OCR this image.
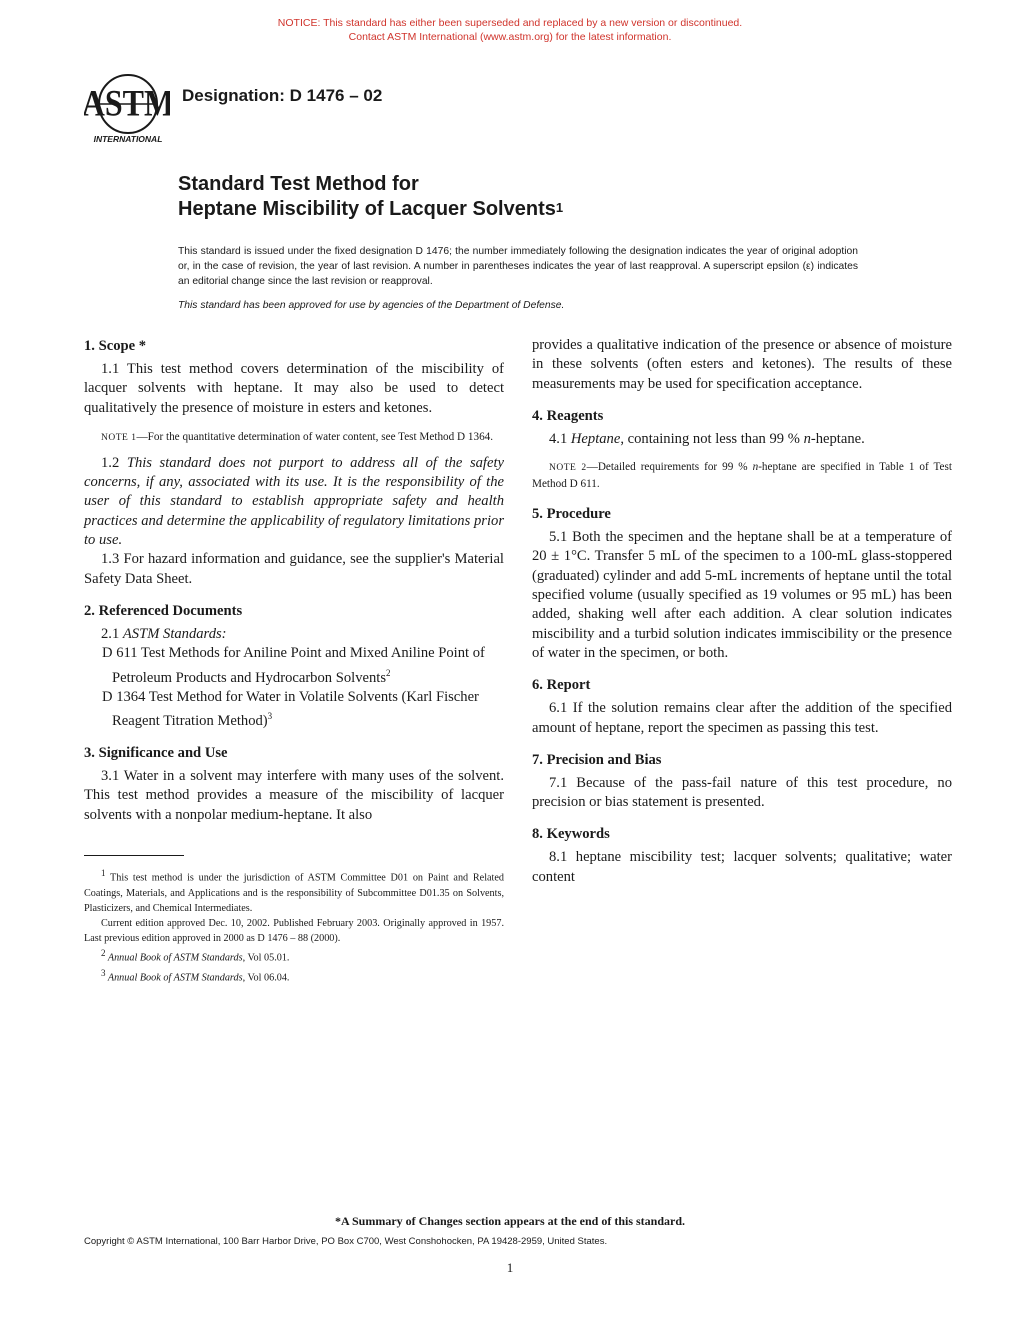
NOTICE: This standard has either been superseded and replaced by a new version or discontinued.
Contact ASTM International (www.astm.org) for the latest information.
ASTM
INTERNATIONAL
Designation: D 1476 – 02
Standard Test Method for
Heptane Miscibility of Lacquer Solvents$^1$
This standard is issued under the fixed designation D 1476; the number immediately following the designation indicates the year of original adoption or, in the case of revision, the year of last revision. A number in parentheses indicates the year of last reapproval. A superscript epsilon (ε) indicates an editorial change since the last revision or reapproval.
This standard has been approved for use by agencies of the Department of Defense.
1. Scope *

1.1 This test method covers determination of the miscibility of lacquer solvents with heptane. It may also be used to detect qualitatively the presence of moisture in esters and ketones.

NOTE 1—For the quantitative determination of water content, see Test Method D 1364.

1.2 This standard does not purport to address all of the safety concerns, if any, associated with its use. It is the responsibility of the user of this standard to establish appropriate safety and health practices and determine the applicability of regulatory limitations prior to use.

1.3 For hazard information and guidance, see the supplier's Material Safety Data Sheet.

2. Referenced Documents

2.1 ASTM Standards:

D 611 Test Methods for Aniline Point and Mixed Aniline Point of Petroleum Products and Hydrocarbon Solvents$^2$

D 1364 Test Method for Water in Volatile Solvents (Karl Fischer Reagent Titration Method)$^3$

3. Significance and Use

3.1 Water in a solvent may interfere with many uses of the solvent. This test method provides a measure of the miscibility of lacquer solvents with a nonpolar medium-heptane. It also

$^1$ This test method is under the jurisdiction of ASTM Committee D01 on Paint and Related Coatings, Materials, and Applications and is the responsibility of Subcommittee D01.35 on Solvents, Plasticizers, and Chemical Intermediates.

Current edition approved Dec. 10, 2002. Published February 2003. Originally approved in 1957. Last previous edition approved in 2000 as D 1476 – 88 (2000).

$^2$ Annual Book of ASTM Standards, Vol 05.01.

$^3$ Annual Book of ASTM Standards, Vol 06.04.

provides a qualitative indication of the presence or absence of moisture in these solvents (often esters and ketones). The results of these measurements may be used for specification acceptance.

4. Reagents

4.1 Heptane, containing not less than 99 % n-heptane.

NOTE 2—Detailed requirements for 99 % n-heptane are specified in Table 1 of Test Method D 611.

5. Procedure

5.1 Both the specimen and the heptane shall be at a temperature of 20 ± 1°C. Transfer 5 mL of the specimen to a 100-mL glass-stoppered (graduated) cylinder and add 5-mL increments of heptane until the total specified volume (usually specified as 19 volumes or 95 mL) has been added, shaking well after each addition. A clear solution indicates miscibility and a turbid solution indicates immiscibility or the presence of water in the specimen, or both.

6. Report

6.1 If the solution remains clear after the addition of the specified amount of heptane, report the specimen as passing this test.

7. Precision and Bias

7.1 Because of the pass-fail nature of this test procedure, no precision or bias statement is presented.

8. Keywords

8.1 heptane miscibility test; lacquer solvents; qualitative; water content

*A Summary of Changes section appears at the end of this standard.
Copyright © ASTM International, 100 Barr Harbor Drive, PO Box C700, West Conshohocken, PA 19428-2959, United States.
1
